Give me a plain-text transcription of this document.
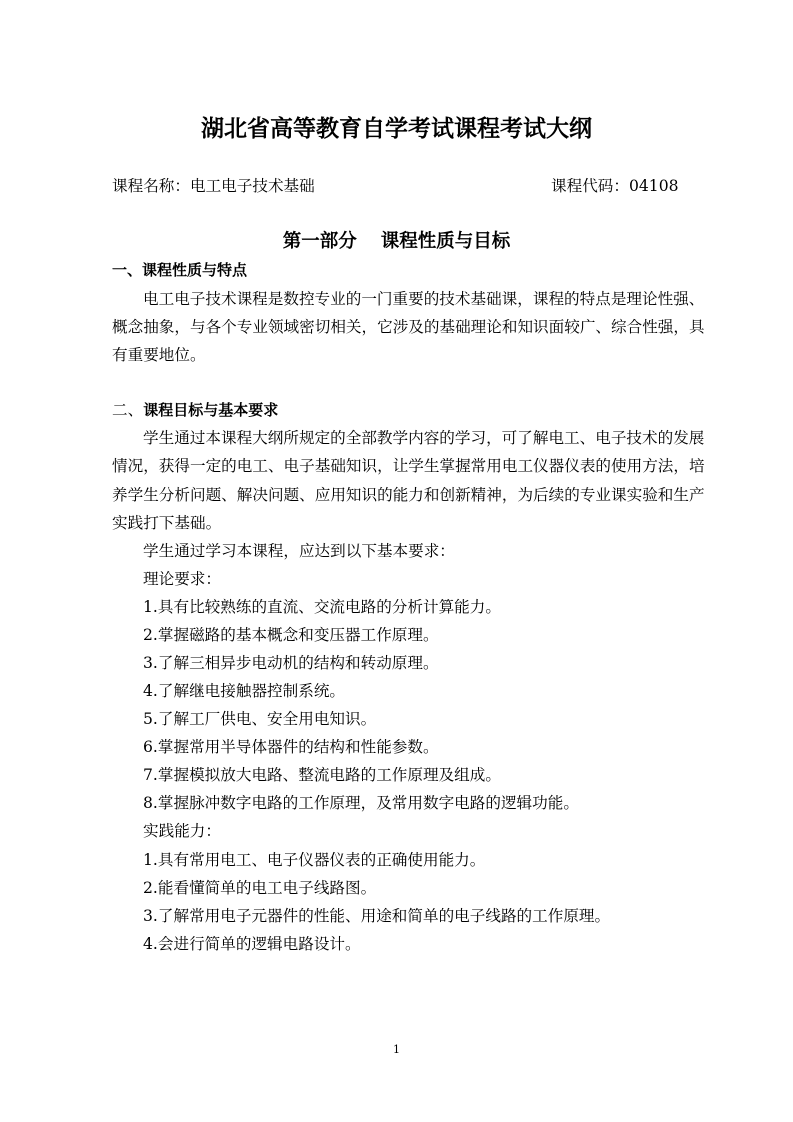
湖北省高等教育自学考试课程考试大纲
课程名称：电工电子技术基础	课程代码：04108
第一部分 课程性质与目标
一、课程性质与特点
电工电子技术课程是数控专业的一门重要的技术基础课，课程的特点是理论性强、
概念抽象，与各个专业领域密切相关，它涉及的基础理论和知识面较广、综合性强，具
有重要地位。
二、课程目标与基本要求
学生通过本课程大纲所规定的全部教学内容的学习，可了解电工、电子技术的发展
情况，获得一定的电工、电子基础知识，让学生掌握常用电工仪器仪表的使用方法，培
养学生分析问题、解决问题、应用知识的能力和创新精神，为后续的专业课实验和生产
实践打下基础。
学生通过学习本课程，应达到以下基本要求：
理论要求：
1.具有比较熟练的直流、交流电路的分析计算能力。
2.掌握磁路的基本概念和变压器工作原理。
3.了解三相异步电动机的结构和转动原理。
4.了解继电接触器控制系统。
5.了解工厂供电、安全用电知识。
6.掌握常用半导体器件的结构和性能参数。
7.掌握模拟放大电路、整流电路的工作原理及组成。
8.掌握脉冲数字电路的工作原理，及常用数字电路的逻辑功能。
实践能力：
1.具有常用电工、电子仪器仪表的正确使用能力。
2.能看懂简单的电工电子线路图。
3.了解常用电子元器件的性能、用途和简单的电子线路的工作原理。
4.会进行简单的逻辑电路设计。
1
